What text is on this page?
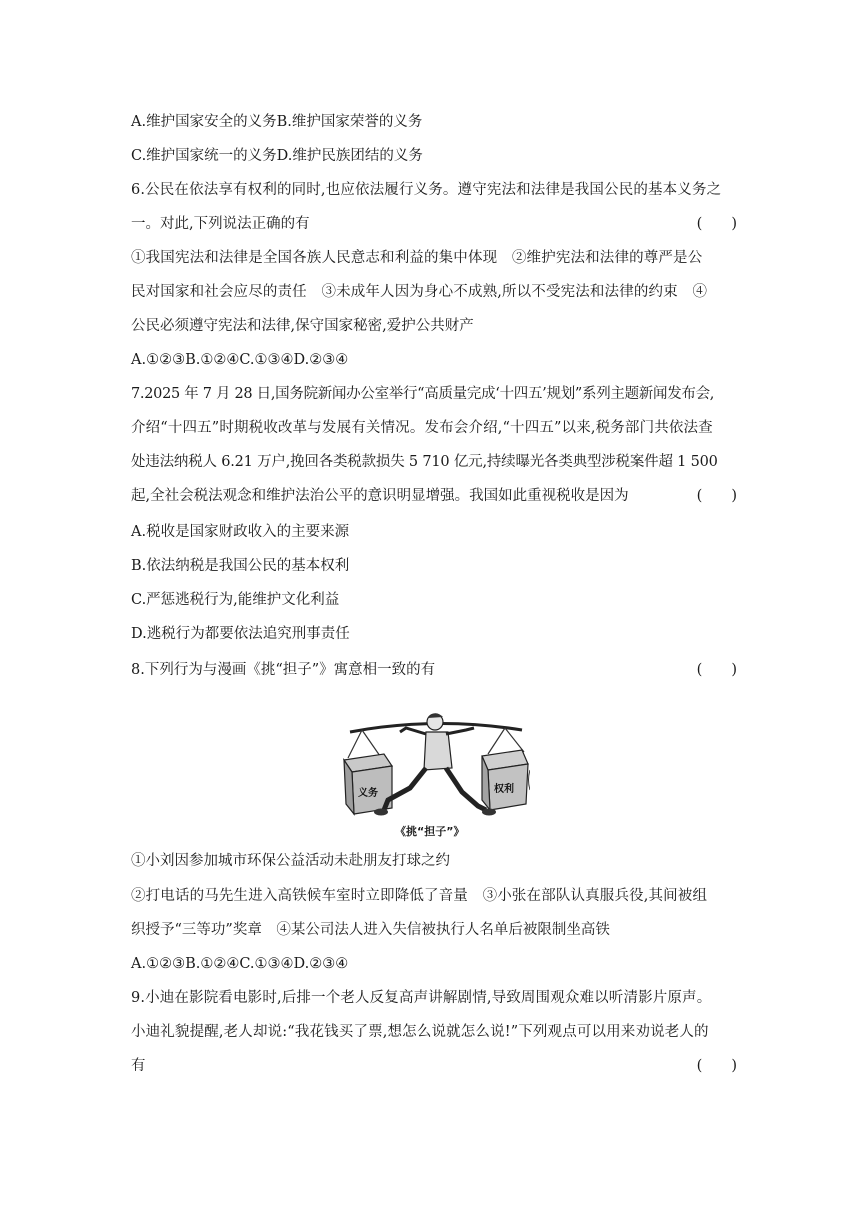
A.维护国家安全的义务B.维护国家荣誉的义务
C.维护国家统一的义务D.维护民族团结的义务
6.公民在依法享有权利的同时,也应依法履行义务。遵守宪法和法律是我国公民的基本义务之
一。对此,下列说法正确的有	(　　)
①我国宪法和法律是全国各族人民意志和利益的集中体现　②维护宪法和法律的尊严是公
民对国家和社会应尽的责任　③未成年人因为身心不成熟,所以不受宪法和法律的约束　④
公民必须遵守宪法和法律,保守国家秘密,爱护公共财产
A.①②③B.①②④C.①③④D.②③④
7.2025 年 7 月 28 日,国务院新闻办公室举行“高质量完成‘十四五’规划”系列主题新闻发布会,
介绍“十四五”时期税收改革与发展有关情况。发布会介绍,“十四五”以来,税务部门共依法查
处违法纳税人 6.21 万户,挽回各类税款损失 5 710 亿元,持续曝光各类典型涉税案件超 1 500
起,全社会税法观念和维护法治公平的意识明显增强。我国如此重视税收是因为	(　　)
A.税收是国家财政收入的主要来源
B.依法纳税是我国公民的基本权利
C.严惩逃税行为,能维护文化利益
D.逃税行为都要依法追究刑事责任
8.下列行为与漫画《挑“担子”》寓意相一致的有	(　　)
义务	权利
《挑“担子”》
①小刘因参加城市环保公益活动未赴朋友打球之约
②打电话的马先生进入高铁候车室时立即降低了音量　③小张在部队认真服兵役,其间被组
织授予“三等功”奖章　④某公司法人进入失信被执行人名单后被限制坐高铁
A.①②③B.①②④C.①③④D.②③④
9.小迪在影院看电影时,后排一个老人反复高声讲解剧情,导致周围观众难以听清影片原声。
小迪礼貌提醒,老人却说:“我花钱买了票,想怎么说就怎么说!”下列观点可以用来劝说老人的
有	(　　)
